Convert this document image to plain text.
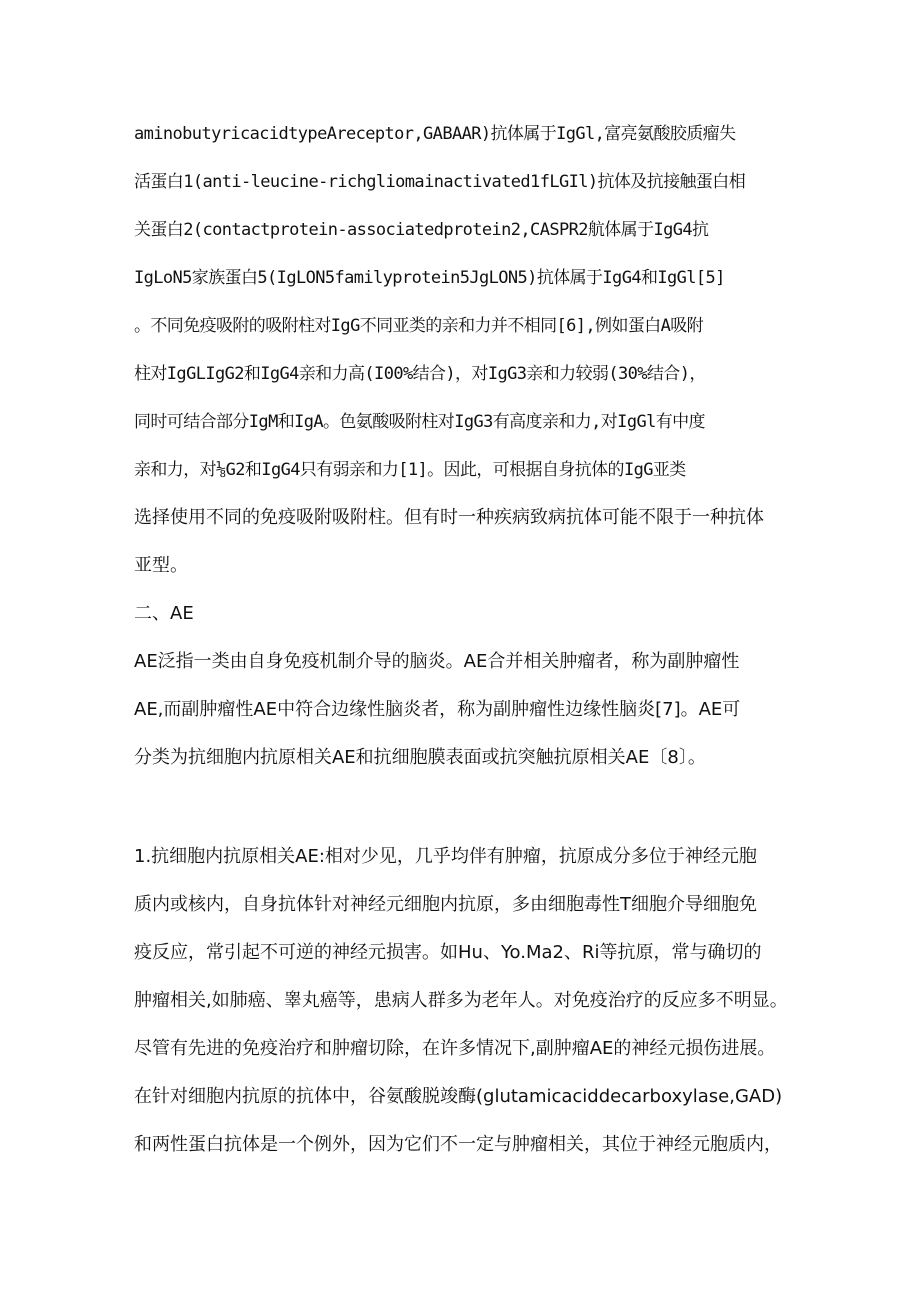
aminobutyricacidtypeAreceptor,GABAAR)抗体属于IgGl,富亮氨酸胶质瘤失

活蛋白1(anti-leucine-richgliomainactivated1fLGIl)抗体及抗接触蛋白相

关蛋白2(contactprotein-associatedprotein2,CASPR2航体属于IgG4抗

IgLoN5家族蛋白5(IgLON5familyprotein5JgLON5)抗体属于IgG4和IgGl[5]

。不同免疫吸附的吸附柱对IgG不同亚类的亲和力并不相同[6],例如蛋白A吸附

柱对IgGLIgG2和IgG4亲和力高(I00%结合)，对IgG3亲和力较弱(30%结合)，

同时可结合部分IgM和IgA。色氨酸吸附柱对IgG3有高度亲和力,对IgGl有中度

亲和力，对⅛G2和IgG4只有弱亲和力[1]。因此，可根据自身抗体的IgG亚类

选择使用不同的免疫吸附吸附柱。但有时一种疾病致病抗体可能不限于一种抗体

亚型。

二、AE

AE泛指一类由自身免疫机制介导的脑炎。AE合并相关肿瘤者，称为副肿瘤性

AE,而副肿瘤性AE中符合边缘性脑炎者，称为副肿瘤性边缘性脑炎[7]。AE可

分类为抗细胞内抗原相关AE和抗细胞膜表面或抗突触抗原相关AE〔8〕。

1.抗细胞内抗原相关AE:相对少见，几乎均伴有肿瘤，抗原成分多位于神经元胞

质内或核内，自身抗体针对神经元细胞内抗原，多由细胞毒性T细胞介导细胞免

疫反应，常引起不可逆的神经元损害。如Hu、Yo.Ma2、Ri等抗原，常与确切的

肿瘤相关,如肺癌、睾丸癌等，患病人群多为老年人。对免疫治疗的反应多不明显。

尽管有先进的免疫治疗和肿瘤切除，在许多情况下,副肿瘤AE的神经元损伤进展。

在针对细胞内抗原的抗体中，谷氨酸脱竣酶(glutamicaciddecarboxylase,GAD)

和两性蛋白抗体是一个例外，因为它们不一定与肿瘤相关，其位于神经元胞质内，
